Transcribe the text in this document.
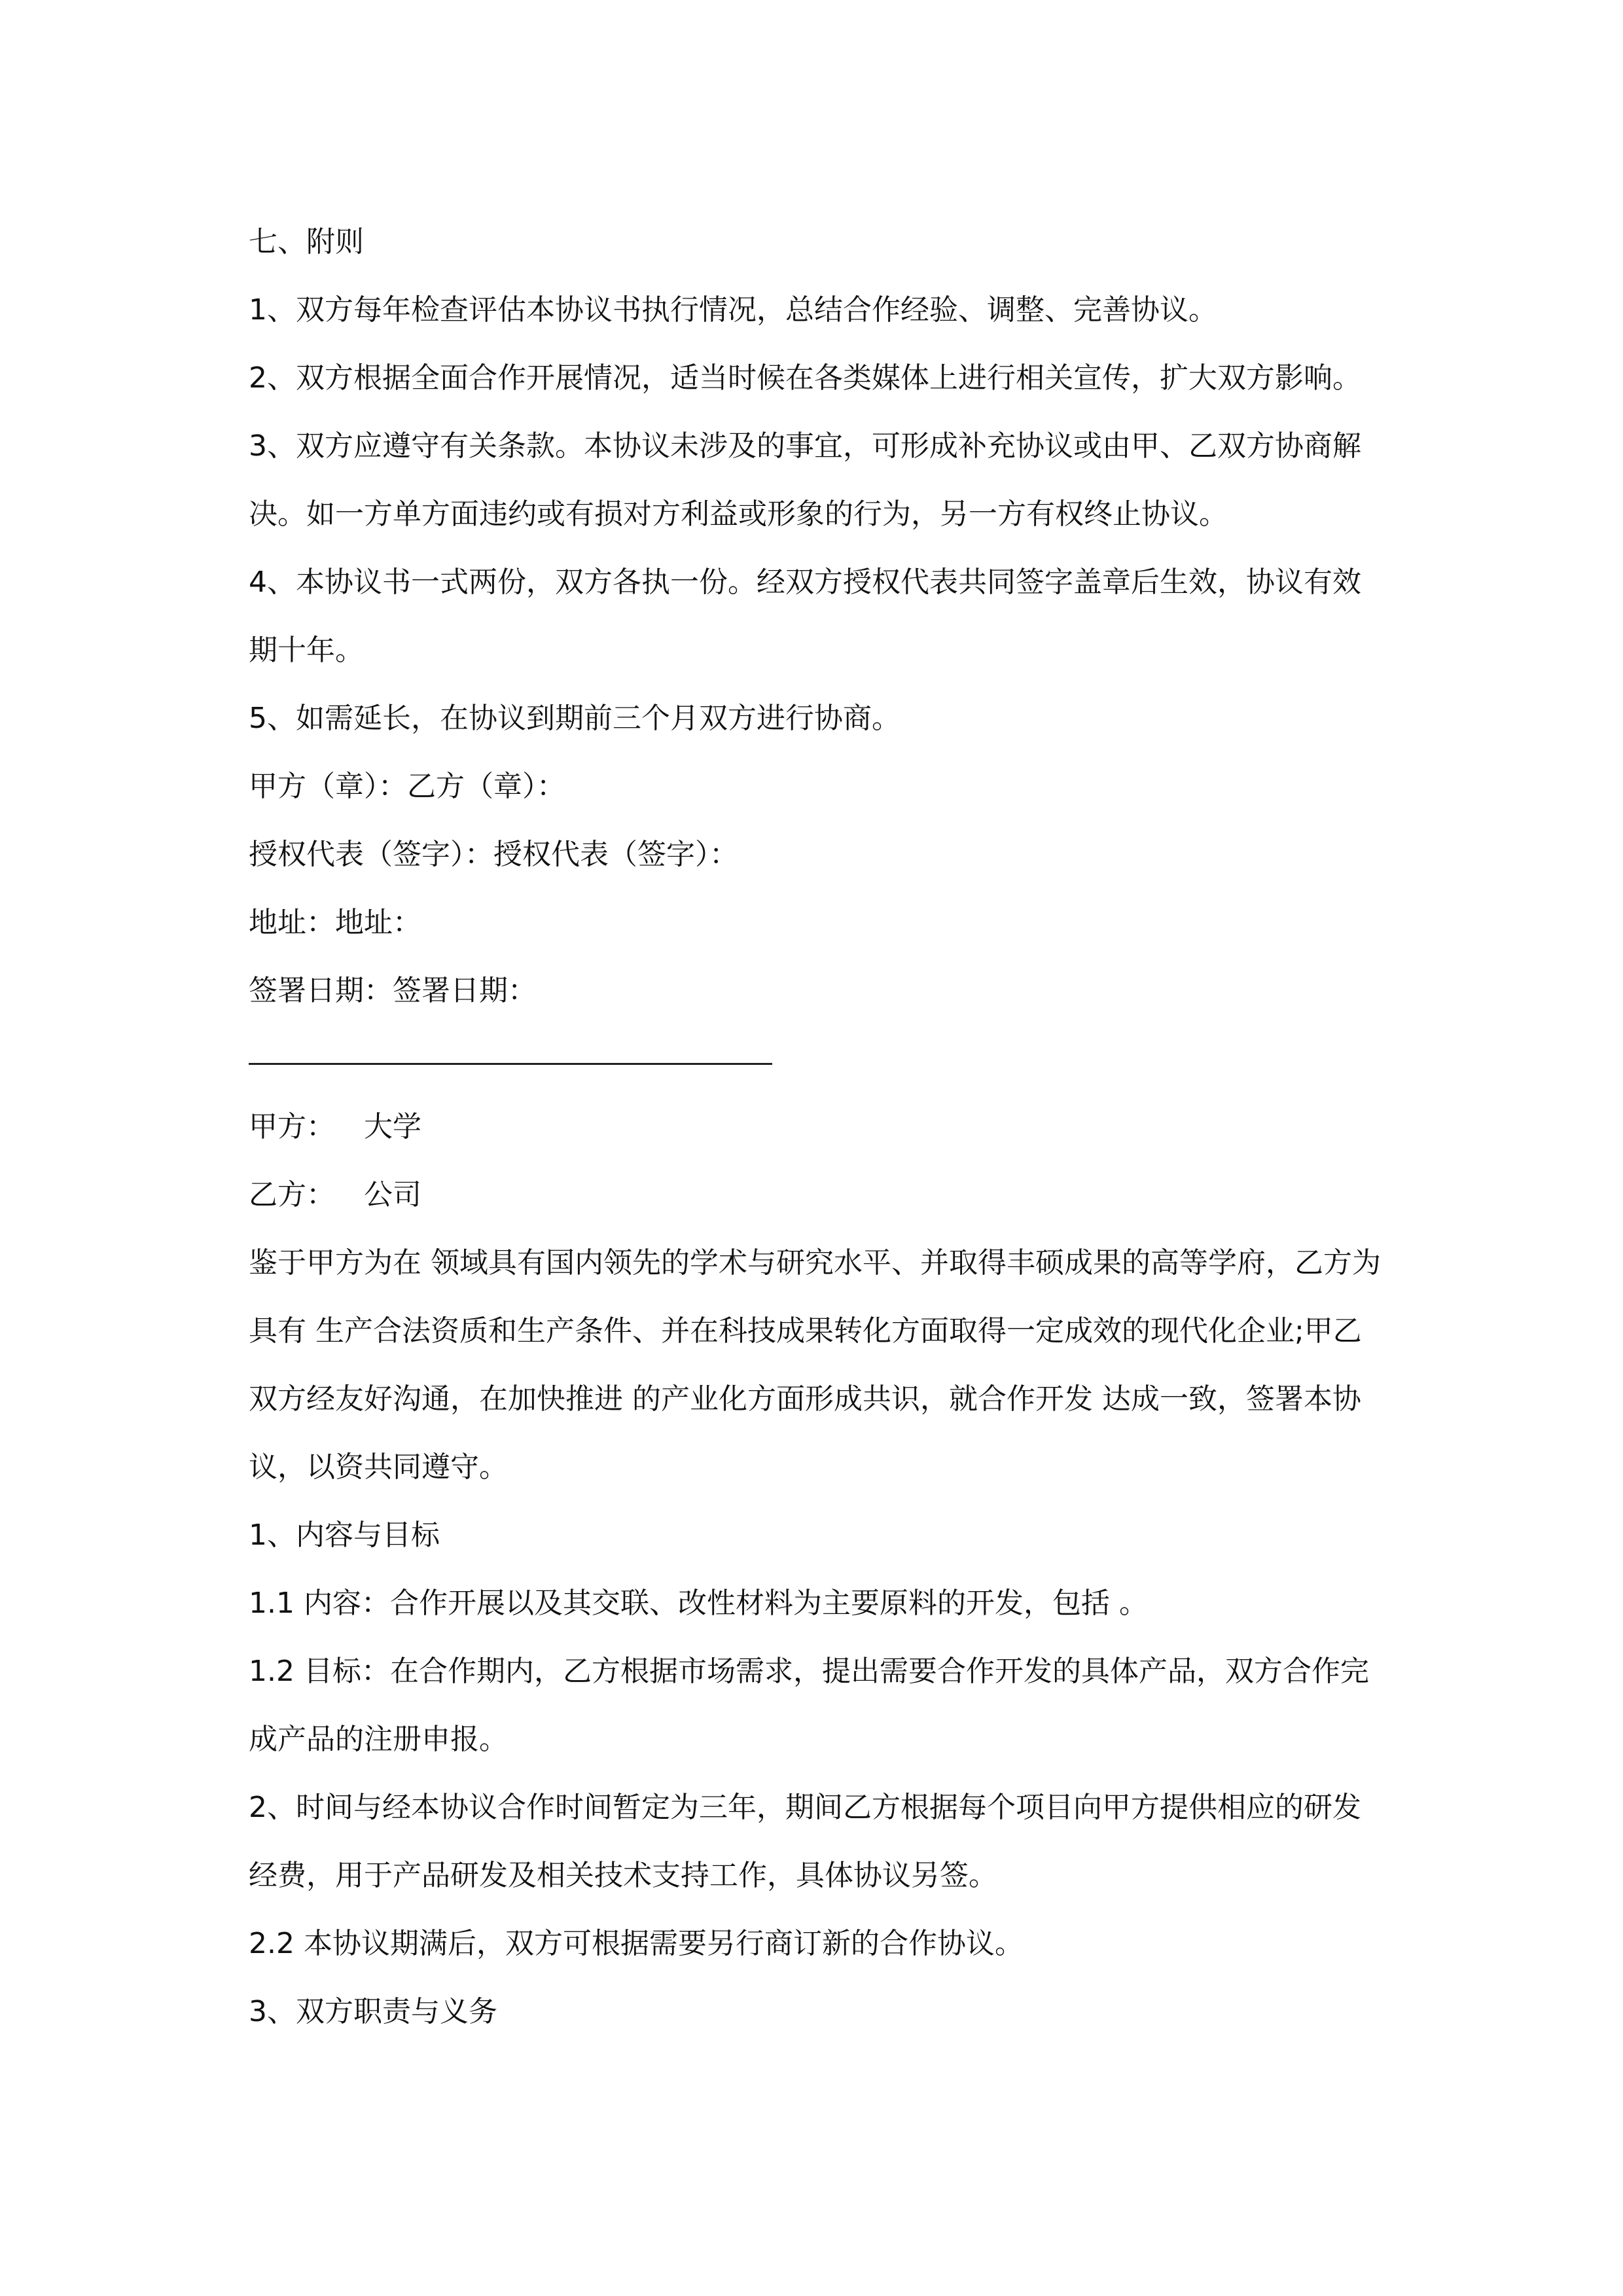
七、附则
1、双方每年检查评估本协议书执行情况，总结合作经验、调整、完善协议。
2、双方根据全面合作开展情况，适当时候在各类媒体上进行相关宣传，扩大双方影响。
3、双方应遵守有关条款。本协议未涉及的事宜，可形成补充协议或由甲、乙双方协商解决。如一方单方面违约或有损对方利益或形象的行为，另一方有权终止协议。
4、本协议书一式两份，双方各执一份。经双方授权代表共同签字盖章后生效，协议有效期十年。
5、如需延长，在协议到期前三个月双方进行协商。
甲方（章）：乙方（章）：
授权代表（签字）：授权代表（签字）：
地址：地址：
签署日期：签署日期：
甲方： 大学
乙方： 公司
鉴于甲方为在 领域具有国内领先的学术与研究水平、并取得丰硕成果的高等学府，乙方为具有 生产合法资质和生产条件、并在科技成果转化方面取得一定成效的现代化企业;甲乙双方经友好沟通，在加快推进 的产业化方面形成共识，就合作开发 达成一致，签署本协议，以资共同遵守。
1、内容与目标
1.1 内容：合作开展以及其交联、改性材料为主要原料的开发，包括 。
1.2 目标：在合作期内，乙方根据市场需求，提出需要合作开发的具体产品，双方合作完成产品的注册申报。
2、时间与经本协议合作时间暂定为三年，期间乙方根据每个项目向甲方提供相应的研发经费，用于产品研发及相关技术支持工作，具体协议另签。
2.2 本协议期满后，双方可根据需要另行商订新的合作协议。
3、双方职责与义务
